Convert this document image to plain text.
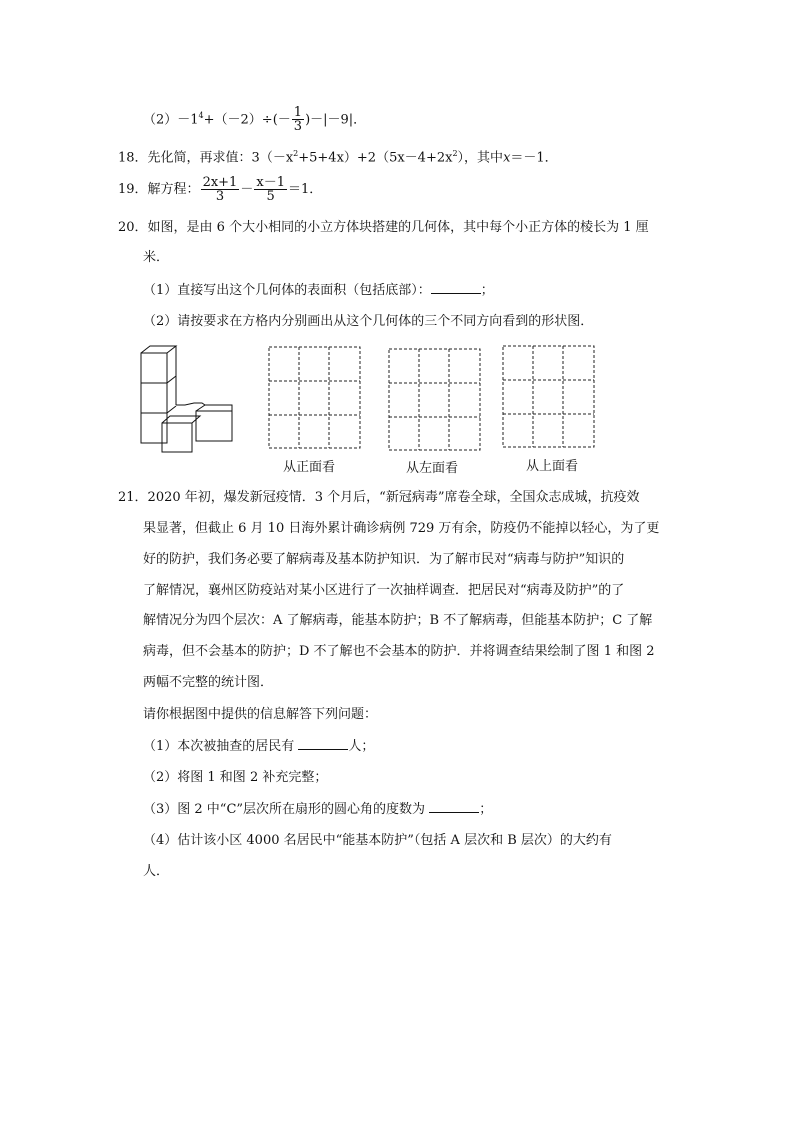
$(2)-1^4+(-2)\div(- \frac{1}{3} )-|-9|$．
18．先化简，再求值：$3(-x^2+5+4x)+2(5x-4+2x^2)$，其中x＝－1．
19．解方程： $\frac{2x+1}{3} - \frac{x-1}{5} =1$．
20．如图，是由 6 个大小相同的小立方体块搭建的几何体，其中每个小正方体的棱长为 1 厘
米．
（1）直接写出这个几何体的表面积（包括底部）：	；
（2）请按要求在方格内分别画出从这个几何体的三个不同方向看到的形状图．
从正面看	从左面看	从上面看
21．2020 年初，爆发新冠疫情．3 个月后，“新冠病毒”席卷全球，全国众志成城，抗疫效
果显著，但截止 6 月 10 日海外累计确诊病例 729 万有余，防疫仍不能掉以轻心，为了更
好的防护，我们务必要了解病毒及基本防护知识．为了解市民对“病毒与防护”知识的
了解情况，襄州区防疫站对某小区进行了一次抽样调查．把居民对“病毒及防护”的了
解情况分为四个层次：A 了解病毒，能基本防护；B 不了解病毒，但能基本防护；C 了解
病毒，但不会基本的防护；D 不了解也不会基本的防护．并将调查结果绘制了图 1 和图 2
两幅不完整的统计图．
请你根据图中提供的信息解答下列问题：
（1）本次被抽查的居民有	人；
（2）将图 1 和图 2 补充完整；
（3）图 2 中“C”层次所在扇形的圆心角的度数为	；
（4）估计该小区 4000 名居民中“能基本防护”（包括 A 层次和 B 层次）的大约有
人．
